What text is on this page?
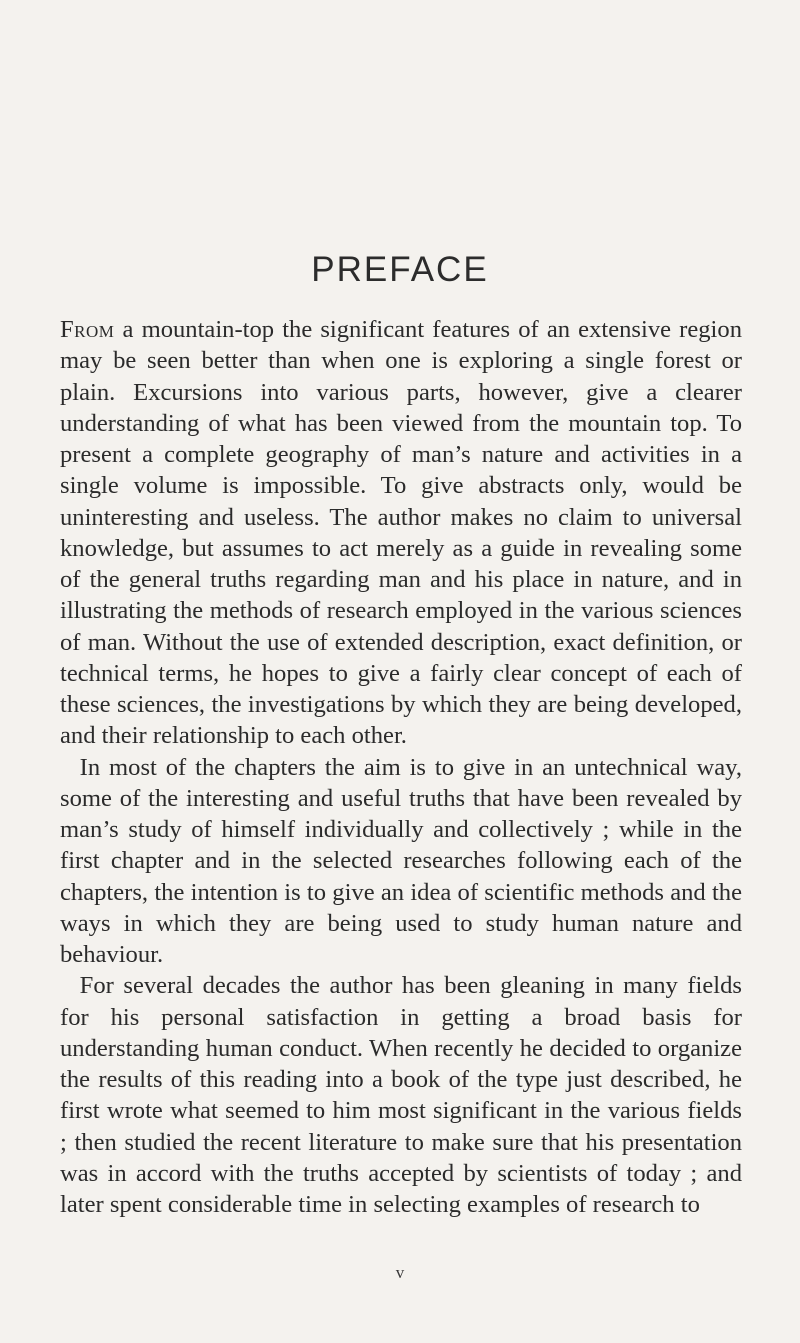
PREFACE

From a mountain-top the significant features of an extensive region may be seen better than when one is exploring a single forest or plain. Excursions into various parts, however, give a clearer understanding of what has been viewed from the mountain top. To present a complete geography of man’s nature and activities in a single volume is impossible. To give abstracts only, would be uninteresting and useless. The author makes no claim to universal knowledge, but assumes to act merely as a guide in revealing some of the general truths regarding man and his place in nature, and in illustrating the methods of research employed in the various sciences of man. Without the use of extended description, exact definition, or technical terms, he hopes to give a fairly clear concept of each of these sciences, the investigations by which they are being developed, and their relationship to each other.

In most of the chapters the aim is to give in an untechnical way, some of the interesting and useful truths that have been revealed by man’s study of himself individually and collectively ; while in the first chapter and in the selected researches following each of the chapters, the intention is to give an idea of scientific methods and the ways in which they are being used to study human nature and behaviour.

For several decades the author has been gleaning in many fields for his personal satisfaction in getting a broad basis for understanding human conduct. When recently he decided to organize the results of this reading into a book of the type just described, he first wrote what seemed to him most significant in the various fields ; then studied the recent literature to make sure that his presentation was in accord with the truths accepted by scientists of today ; and later spent considerable time in selecting examples of research to

v
